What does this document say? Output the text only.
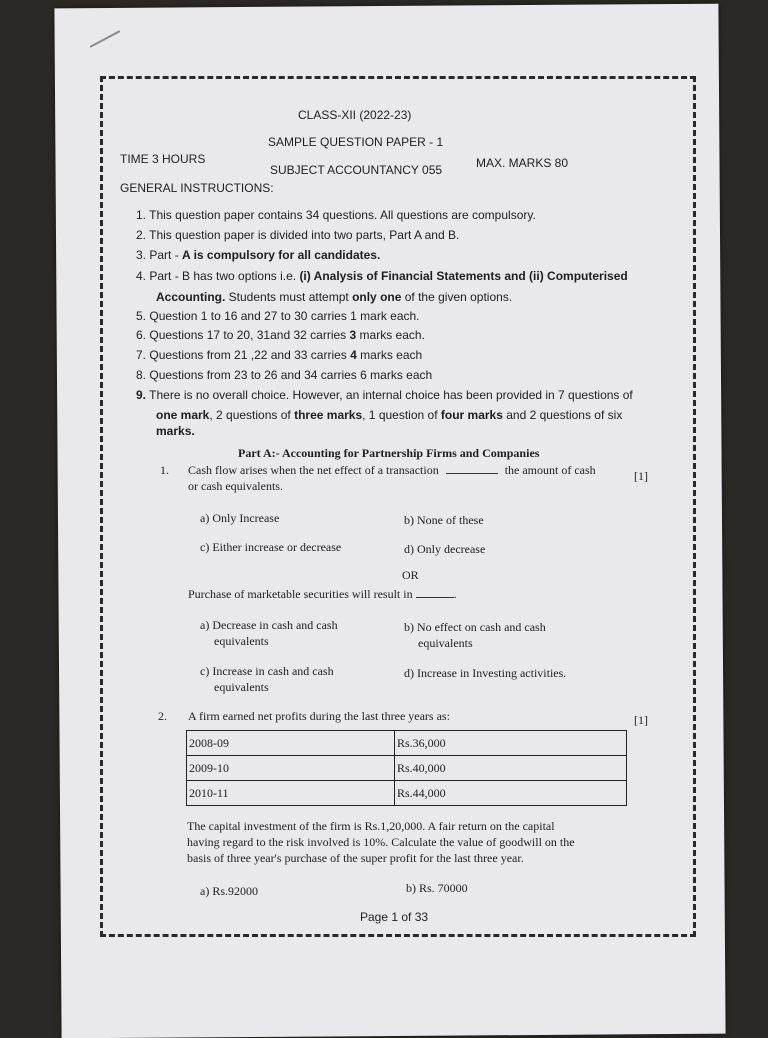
CLASS-XII (2022-23)
SAMPLE QUESTION PAPER - 1
TIME 3 HOURS
SUBJECT ACCOUNTANCY 055	MAX. MARKS 80
GENERAL INSTRUCTIONS:
1. This question paper contains 34 questions. All questions are compulsory.
2. This question paper is divided into two parts, Part A and B.
3. Part - A is compulsory for all candidates.
4. Part - B has two options i.e. (i) Analysis of Financial Statements and (ii) Computerised
Accounting. Students must attempt only one of the given options.
5. Question 1 to 16 and 27 to 30 carries 1 mark each.
6. Questions 17 to 20, 31and 32 carries 3 marks each.
7. Questions from 21 ,22 and 33 carries 4 marks each
8. Questions from 23 to 26 and 34 carries 6 marks each
9. There is no overall choice. However, an internal choice has been provided in 7 questions of
one mark, 2 questions of three marks, 1 question of four marks and 2 questions of six
marks.
Part A:- Accounting for Partnership Firms and Companies
1. Cash flow arises when the net effect of a transaction	the amount of cash	[1]
or cash equivalents.
a) Only Increase	b) None of these
c) Either increase or decrease	d) Only decrease
OR
Purchase of marketable securities will result in	.
a) Decrease in cash and cash
equivalents
b) No effect on cash and cash
equivalents
c) Increase in cash and cash
equivalents
d) Increase in Investing activities.
2. A firm earned net profits during the last three years as:	[1]
2008-09	Rs.36,000
2009-10	Rs.40,000
2010-11	Rs.44,000
The capital investment of the firm is Rs.1,20,000. A fair return on the capital
having regard to the risk involved is 10%. Calculate the value of goodwill on the
basis of three year's purchase of the super profit for the last three year.
a) Rs.92000	b) Rs. 70000
Page 1 of 33
